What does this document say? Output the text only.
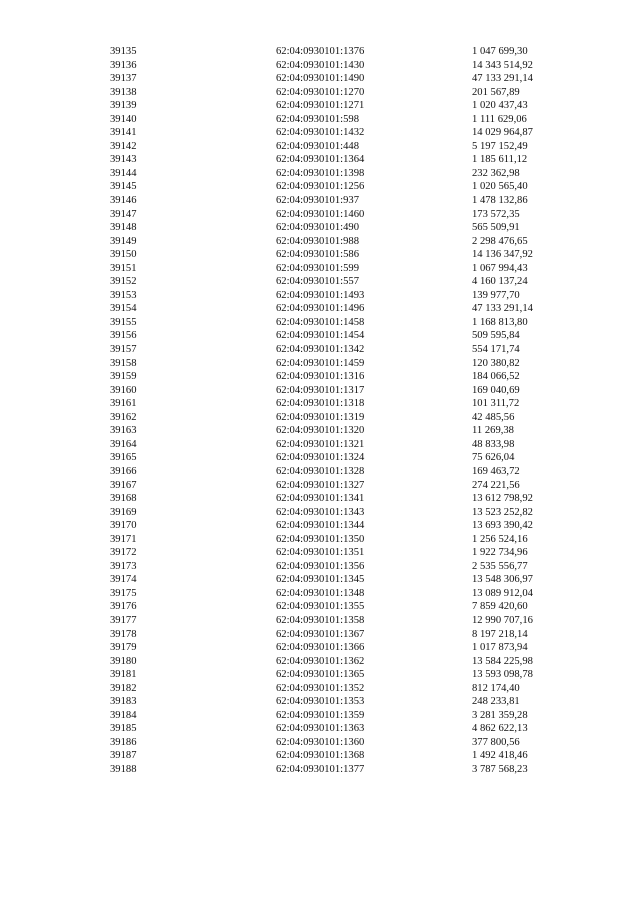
39135	62:04:0930101:1376	1 047 699,30
39136	62:04:0930101:1430	14 343 514,92
39137	62:04:0930101:1490	47 133 291,14
39138	62:04:0930101:1270	201 567,89
39139	62:04:0930101:1271	1 020 437,43
39140	62:04:0930101:598	1 111 629,06
39141	62:04:0930101:1432	14 029 964,87
39142	62:04:0930101:448	5 197 152,49
39143	62:04:0930101:1364	1 185 611,12
39144	62:04:0930101:1398	232 362,98
39145	62:04:0930101:1256	1 020 565,40
39146	62:04:0930101:937	1 478 132,86
39147	62:04:0930101:1460	173 572,35
39148	62:04:0930101:490	565 509,91
39149	62:04:0930101:988	2 298 476,65
39150	62:04:0930101:586	14 136 347,92
39151	62:04:0930101:599	1 067 994,43
39152	62:04:0930101:557	4 160 137,24
39153	62:04:0930101:1493	139 977,70
39154	62:04:0930101:1496	47 133 291,14
39155	62:04:0930101:1458	1 168 813,80
39156	62:04:0930101:1454	509 595,84
39157	62:04:0930101:1342	554 171,74
39158	62:04:0930101:1459	120 380,82
39159	62:04:0930101:1316	184 066,52
39160	62:04:0930101:1317	169 040,69
39161	62:04:0930101:1318	101 311,72
39162	62:04:0930101:1319	42 485,56
39163	62:04:0930101:1320	11 269,38
39164	62:04:0930101:1321	48 833,98
39165	62:04:0930101:1324	75 626,04
39166	62:04:0930101:1328	169 463,72
39167	62:04:0930101:1327	274 221,56
39168	62:04:0930101:1341	13 612 798,92
39169	62:04:0930101:1343	13 523 252,82
39170	62:04:0930101:1344	13 693 390,42
39171	62:04:0930101:1350	1 256 524,16
39172	62:04:0930101:1351	1 922 734,96
39173	62:04:0930101:1356	2 535 556,77
39174	62:04:0930101:1345	13 548 306,97
39175	62:04:0930101:1348	13 089 912,04
39176	62:04:0930101:1355	7 859 420,60
39177	62:04:0930101:1358	12 990 707,16
39178	62:04:0930101:1367	8 197 218,14
39179	62:04:0930101:1366	1 017 873,94
39180	62:04:0930101:1362	13 584 225,98
39181	62:04:0930101:1365	13 593 098,78
39182	62:04:0930101:1352	812 174,40
39183	62:04:0930101:1353	248 233,81
39184	62:04:0930101:1359	3 281 359,28
39185	62:04:0930101:1363	4 862 622,13
39186	62:04:0930101:1360	377 800,56
39187	62:04:0930101:1368	1 492 418,46
39188	62:04:0930101:1377	3 787 568,23
